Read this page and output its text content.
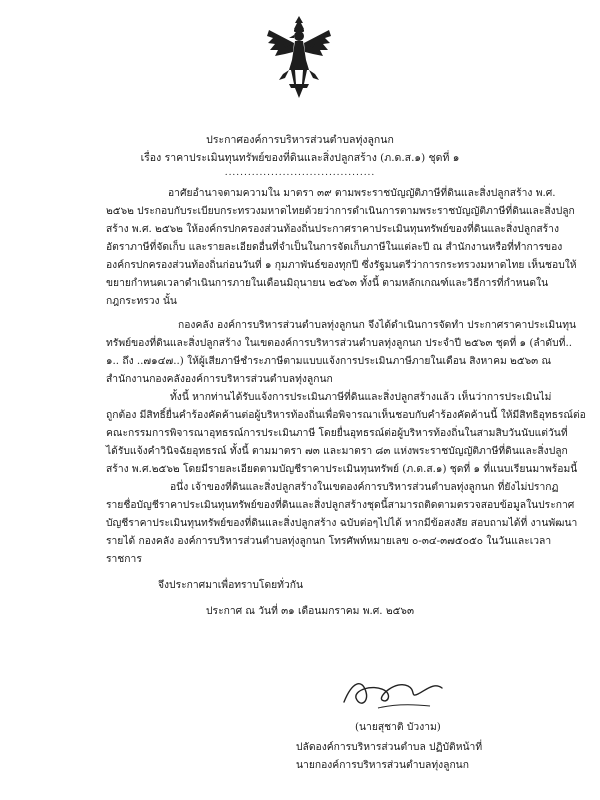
ประกาศองค์การบริหารส่วนตำบลทุ่งลูกนก
เรื่อง ราคาประเมินทุนทรัพย์ของที่ดินและสิ่งปลูกสร้าง (ภ.ด.ส.๑) ชุดที่ ๑
.......................................
อาศัยอำนาจตามความใน มาตรา ๓๙ ตามพระราชบัญญัติภาษีที่ดินและสิ่งปลูกสร้าง พ.ศ.
๒๕๖๒ ประกอบกับระเบียบกระทรวงมหาดไทยด้วยว่าการดำเนินการตามพระราชบัญญัติภาษีที่ดินและสิ่งปลูก
สร้าง พ.ศ. ๒๕๖๒ ให้องค์กรปกครองส่วนท้องถิ่นประกาศราคาประเมินทุนทรัพย์ของที่ดินและสิ่งปลูกสร้าง
อัตราภาษีที่จัดเก็บ และรายละเอียดอื่นที่จำเป็นในการจัดเก็บภาษีในแต่ละปี ณ สำนักงานหรือที่ทำการของ
องค์กรปกครองส่วนท้องถิ่นก่อนวันที่ ๑ กุมภาพันธ์ของทุกปี ซึ่งรัฐมนตรีว่าการกระทรวงมหาดไทย เห็นชอบให้
ขยายกำหนดเวลาดำเนินการภายในเดือนมิถุนายน ๒๕๖๓ ทั้งนี้ ตามหลักเกณฑ์และวิธีการที่กำหนดใน
กฎกระทรวง นั้น
กองคลัง องค์การบริหารส่วนตำบลทุ่งลูกนก จึงได้ดำเนินการจัดทำ ประกาศราคาประเมินทุน
ทรัพย์ของที่ดินและสิ่งปลูกสร้าง ในเขตองค์การบริหารส่วนตำบลทุ่งลูกนก ประจำปี ๒๕๖๓ ชุดที่ ๑ (ลำดับที่..
๑.. ถึง ..๗๑๔๗..) ให้ผู้เสียภาษีชำระภาษีตามแบบแจ้งการประเมินภาษีภายในเดือน สิงหาคม ๒๕๖๓ ณ
สำนักงานกองคลังองค์การบริหารส่วนตำบลทุ่งลูกนก
ทั้งนี้ หากท่านได้รับแจ้งการประเมินภาษีที่ดินและสิ่งปลูกสร้างแล้ว เห็นว่าการประเมินไม่
ถูกต้อง มีสิทธิ์ยื่นคำร้องคัดค้านต่อผู้บริหารท้องถิ่นเพื่อพิจารณาเห็นชอบกับคำร้องคัดค้านนี้ ให้มีสิทธิอุทธรณ์ต่อ
คณะกรรมการพิจารณาอุทธรณ์การประเมินภาษี โดยยื่นอุทธรณ์ต่อผู้บริหารท้องถิ่นในสามสิบวันนับแต่วันที่
ได้รับแจ้งคำวินิจฉัยอุทธรณ์ ทั้งนี้ ตามมาตรา ๗๓ และมาตรา ๘๓ แห่งพระราชบัญญัติภาษีที่ดินและสิ่งปลูก
สร้าง พ.ศ.๒๕๖๒ โดยมีรายละเอียดตามบัญชีราคาประเมินทุนทรัพย์ (ภ.ด.ส.๑) ชุดที่ ๑ ที่แนบเรียนมาพร้อมนี้
อนึ่ง เจ้าของที่ดินและสิ่งปลูกสร้างในเขตองค์การบริหารส่วนตำบลทุ่งลูกนก ที่ยังไม่ปรากฏ
รายชื่อบัญชีราคาประเมินทุนทรัพย์ของที่ดินและสิ่งปลูกสร้างชุดนี้สามารถติดตามตรวจสอบข้อมูลในประกาศ
บัญชีราคาประเมินทุนทรัพย์ของที่ดินและสิ่งปลูกสร้าง ฉบับต่อๆไปได้ หากมีข้อสงสัย สอบถามได้ที่ งานพัฒนา
รายได้ กองคลัง องค์การบริหารส่วนตำบลทุ่งลูกนก โทรศัพท์หมายเลข ๐-๓๔-๓๗๕๐๕๐ ในวันและเวลา
ราชการ
จึงประกาศมาเพื่อทราบโดยทั่วกัน
ประกาศ ณ วันที่ ๓๑ เดือนมกราคม พ.ศ. ๒๕๖๓
(นายสุชาติ บัวงาม)
ปลัดองค์การบริหารส่วนตำบล ปฏิบัติหน้าที่
นายกองค์การบริหารส่วนตำบลทุ่งลูกนก
